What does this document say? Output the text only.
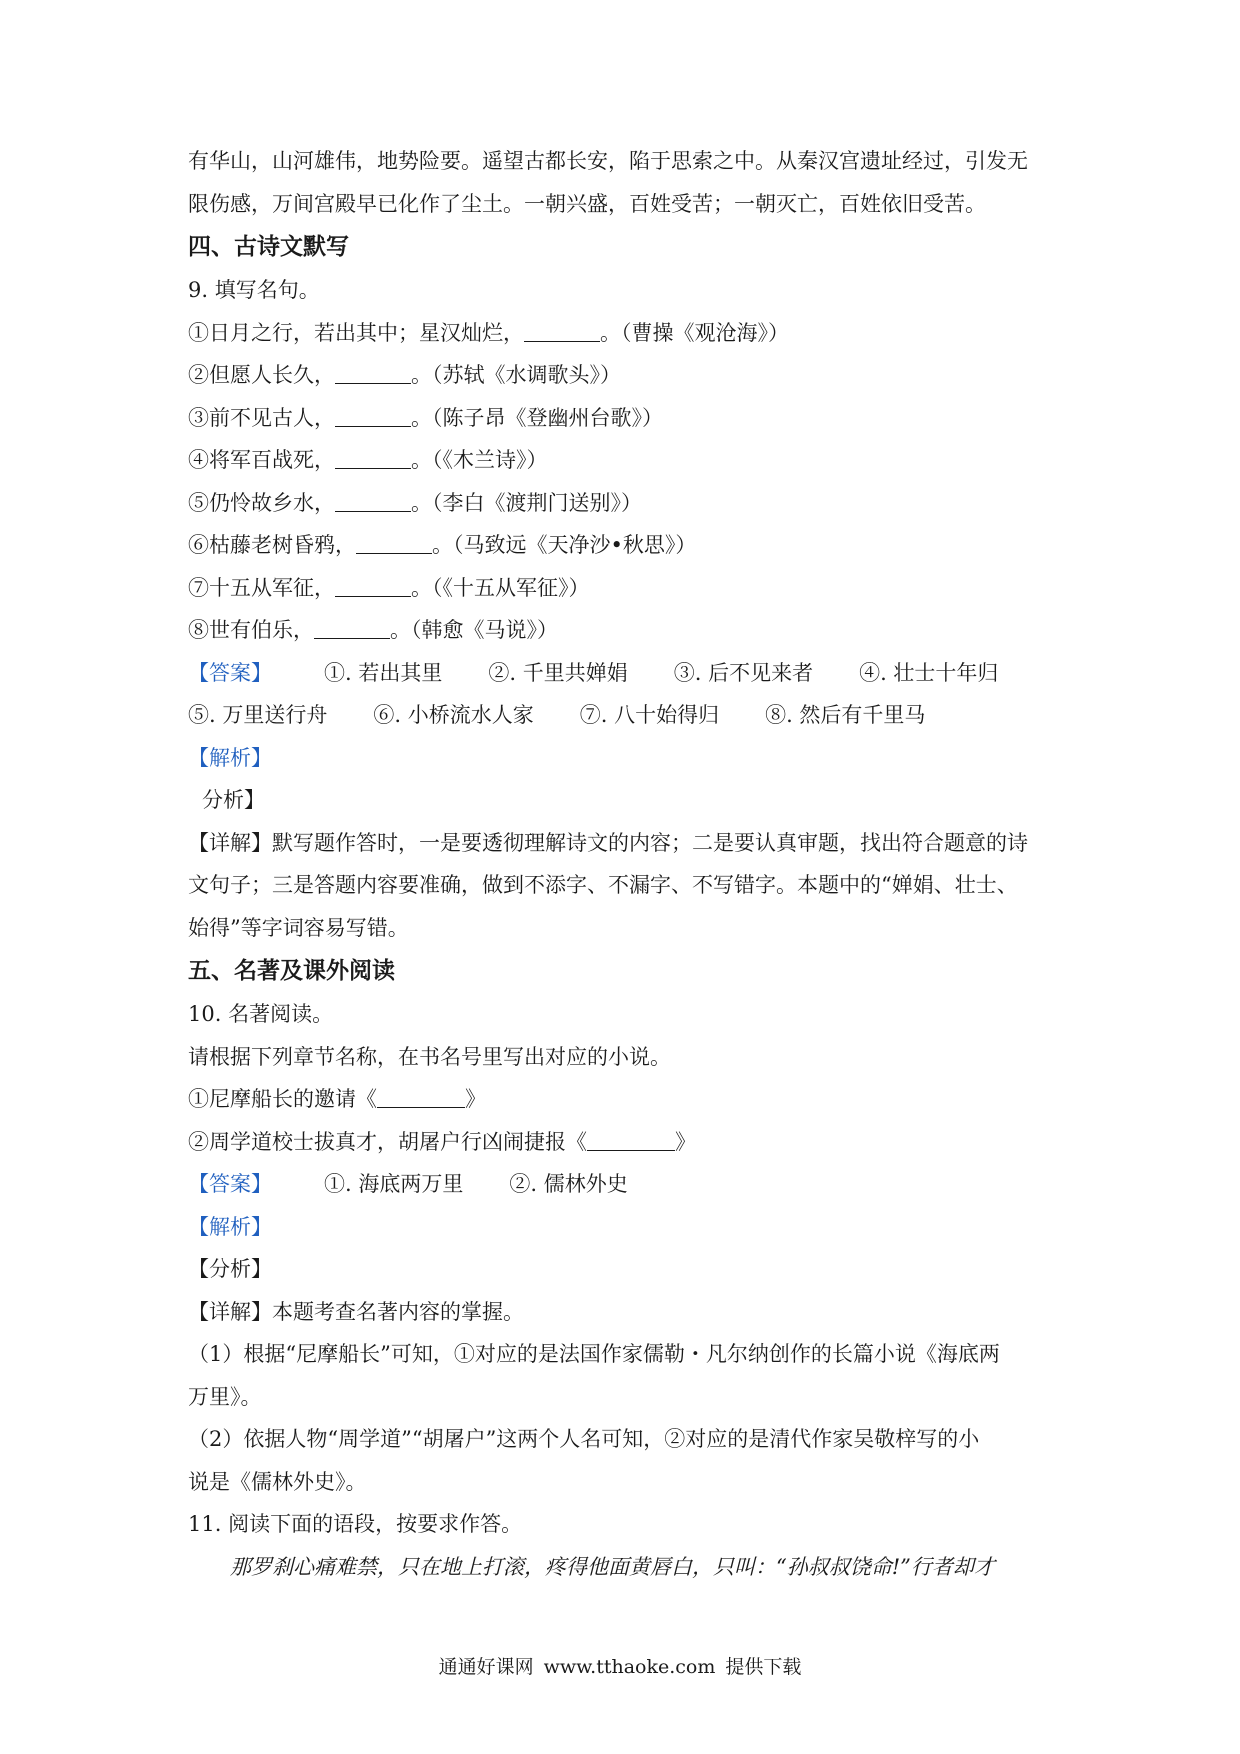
有华山，山河雄伟，地势险要。遥望古都长安，陷于思索之中。从秦汉宫遗址经过，引发无
限伤感，万间宫殿早已化作了尘土。一朝兴盛，百姓受苦；一朝灭亡，百姓依旧受苦。
四、古诗文默写
9. 填写名句。
①日月之行，若出其中；星汉灿烂，	。（曹操《观沧海》）
②但愿人长久，	。（苏轼《水调歌头》）
③前不见古人，	。（陈子昂《登幽州台歌》）
④将军百战死，	。（《木兰诗》）
⑤仍怜故乡水，	。（李白《渡荆门送别》）
⑥枯藤老树昏鸦，	。（马致远《天净沙•秋思》）
⑦十五从军征，	。（《十五从军征》）
⑧世有伯乐，	。（韩愈《马说》）
【答案】 ①. 若出其里 ②. 千里共婵娟 ③. 后不见来者 ④. 壮士十年归
⑤. 万里送行舟 ⑥. 小桥流水人家 ⑦. 八十始得归 ⑧. 然后有千里马
【解析】
分析】
【详解】默写题作答时，一是要透彻理解诗文的内容；二是要认真审题，找出符合题意的诗
文句子；三是答题内容要准确，做到不添字、不漏字、不写错字。本题中的“婵娟、壮士、
始得”等字词容易写错。
五、名著及课外阅读
10. 名著阅读。
请根据下列章节名称，在书名号里写出对应的小说。
①尼摩船长的邀请《	》
②周学道校士拔真才，胡屠户行凶闹捷报《	》
【答案】 ①. 海底两万里 ②. 儒林外史
【解析】
【分析】
【详解】本题考查名著内容的掌握。
（1）根据“尼摩船长”可知，①对应的是法国作家儒勒・凡尔纳创作的长篇小说《海底两
万里》。
（2）依据人物“周学道”“胡屠户”这两个人名可知，②对应的是清代作家吴敬梓写的小
说是《儒林外史》。
11. 阅读下面的语段，按要求作答。
那罗刹心痛难禁，只在地上打滚，疼得他面黄唇白，只叫：“孙叔叔饶命!”行者却才
通通好课网 www.tthaoke.com 提供下载
